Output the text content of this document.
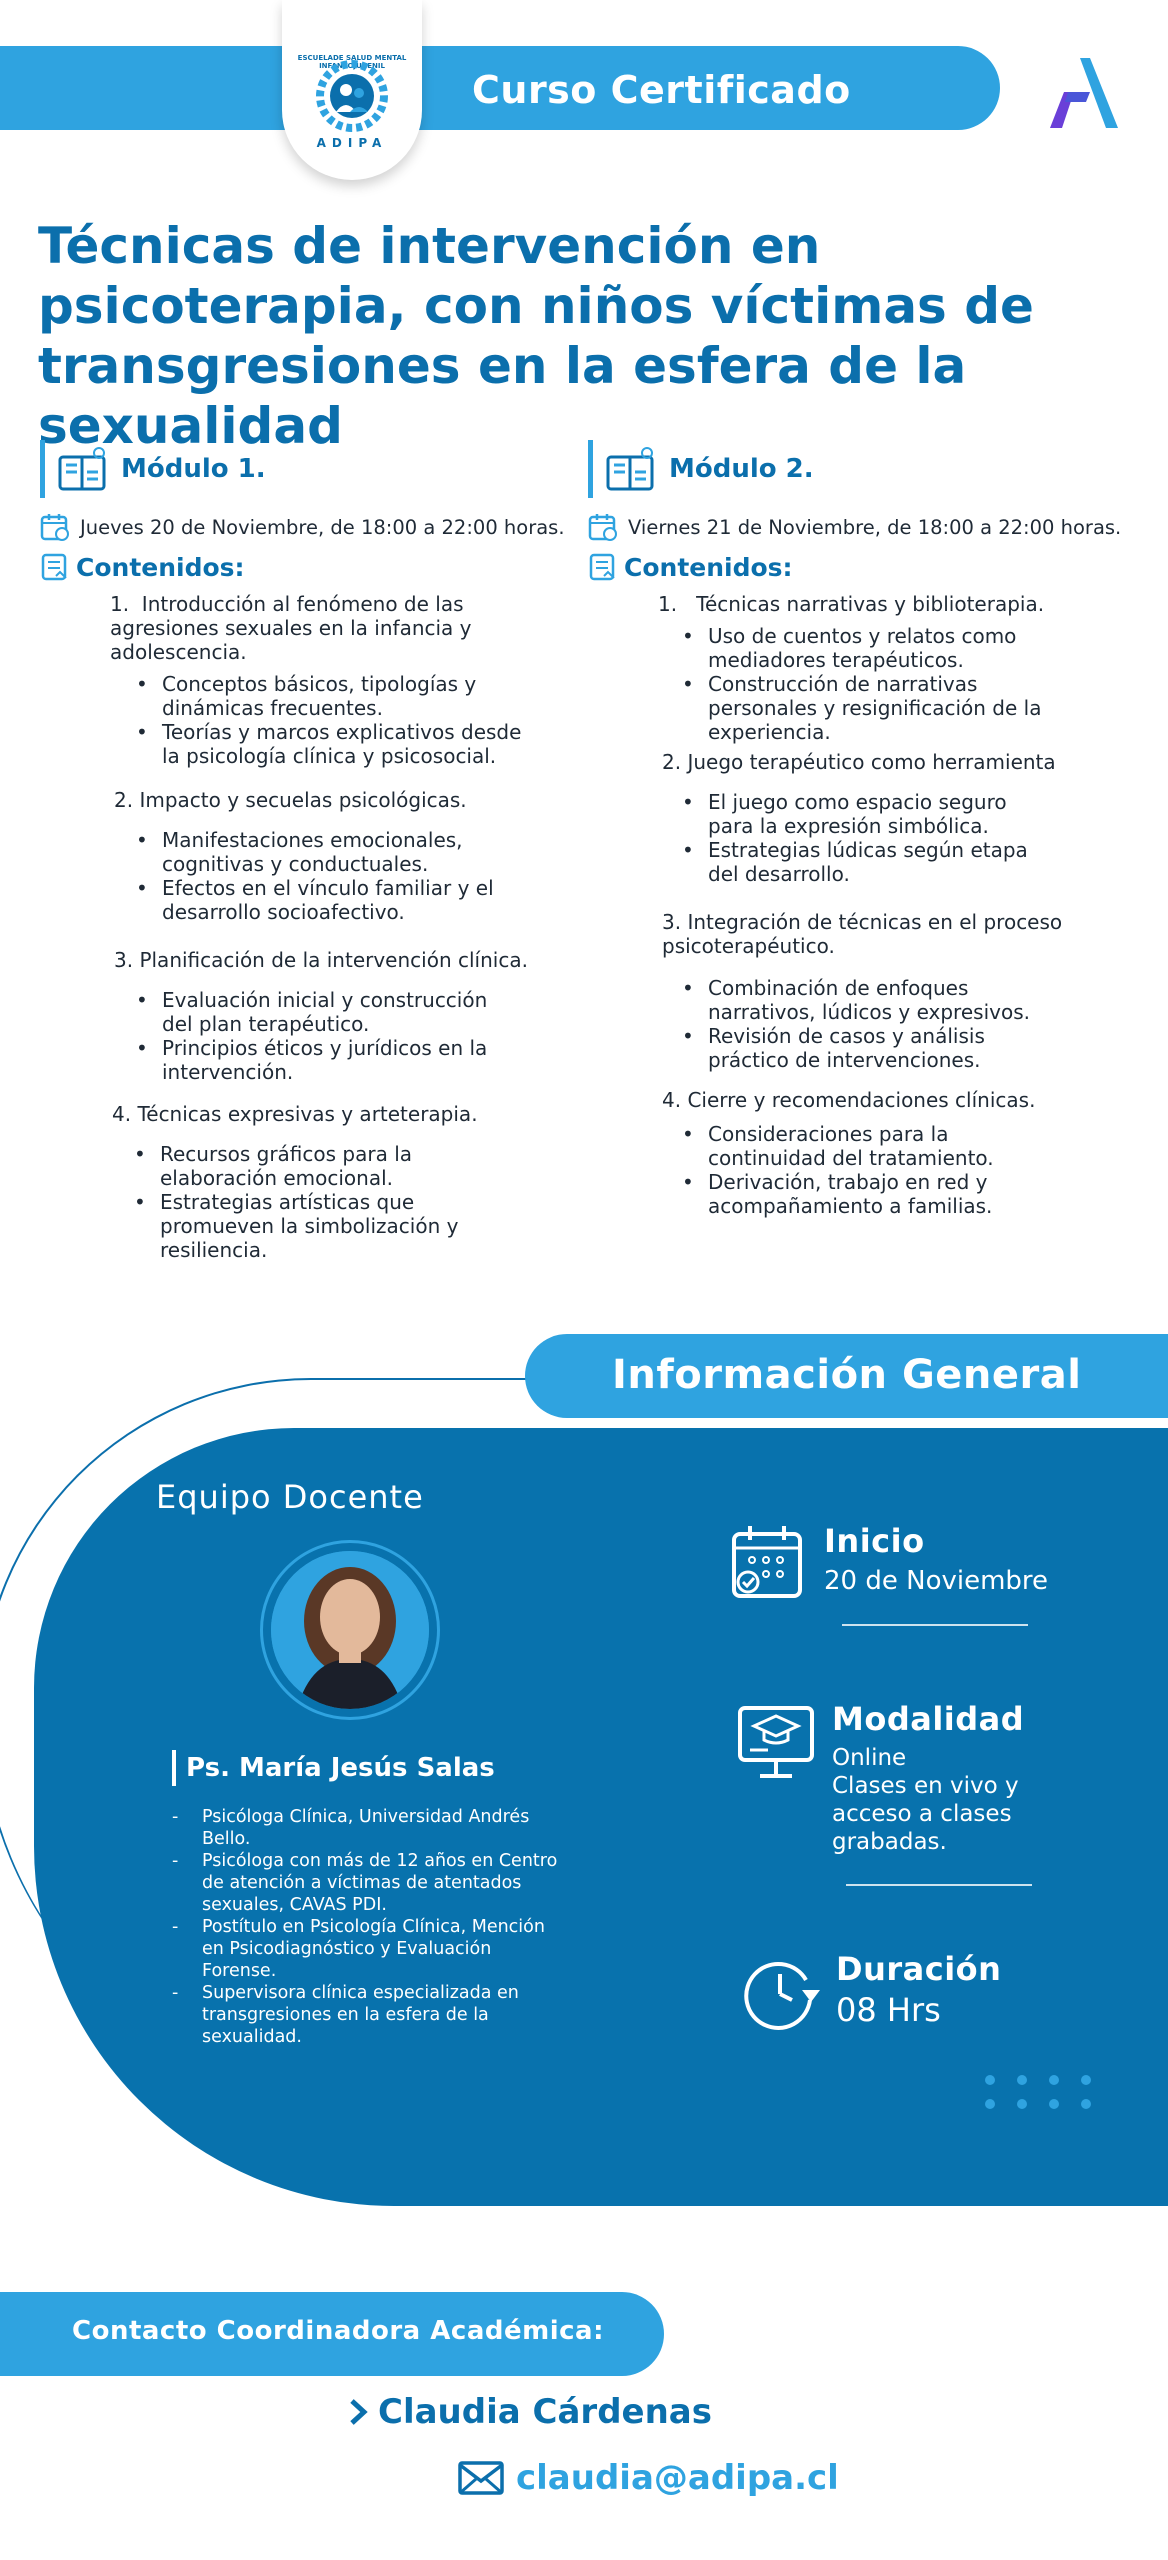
Curso Certificado
ESCUELADE SALUD MENTAL INFANTOJUVENIL
ADIPA
Técnicas de intervención en psicoterapia, con niños víctimas de transgresiones en la esfera de la sexualidad
Módulo 1.
Jueves 20 de Noviembre, de 18:00 a 22:00 horas.
Contenidos:
1.  Introducción al fenómeno de las agresiones sexuales en la infancia y adolescencia.
• Conceptos básicos, tipologías y dinámicas frecuentes.
• Teorías y marcos explicativos desde la psicología clínica y psicosocial.
2. Impacto y secuelas psicológicas.
• Manifestaciones emocionales, cognitivas y conductuales.
• Efectos en el vínculo familiar y el desarrollo socioafectivo.
3. Planificación de la intervención clínica.
• Evaluación inicial y construcción del plan terapéutico.
• Principios éticos y jurídicos en la intervención.
4. Técnicas expresivas y arteterapia.
• Recursos gráficos para la elaboración emocional.
• Estrategias artísticas que promueven la simbolización y resiliencia.
Módulo 2.
Viernes 21 de Noviembre, de 18:00 a 22:00 horas.
Contenidos:
1.   Técnicas narrativas y biblioterapia.
• Uso de cuentos y relatos como mediadores terapéuticos.
• Construcción de narrativas personales y resignificación de la experiencia.
2. Juego terapéutico como herramienta
• El juego como espacio seguro para la expresión simbólica.
• Estrategias lúdicas según etapa del desarrollo.
3. Integración de técnicas en el proceso psicoterapéutico.
• Combinación de enfoques narrativos, lúdicos y expresivos.
• Revisión de casos y análisis práctico de intervenciones.
4. Cierre y recomendaciones clínicas.
• Consideraciones para la continuidad del tratamiento.
• Derivación, trabajo en red y acompañamiento a familias.
Información General
Equipo Docente
Ps. María Jesús Salas
- Psicóloga Clínica, Universidad Andrés Bello.
- Psicóloga con más de 12 años en Centro de atención a víctimas de atentados sexuales, CAVAS PDI.
- Postítulo en Psicología Clínica, Mención en Psicodiagnóstico y Evaluación Forense.
- Supervisora clínica especializada en transgresiones en la esfera de la sexualidad.
Inicio
20 de Noviembre
Modalidad
Online
Clases en vivo y acceso a clases grabadas.
Duración
08 Hrs
Contacto Coordinadora Académica:
Claudia Cárdenas
claudia@adipa.cl
